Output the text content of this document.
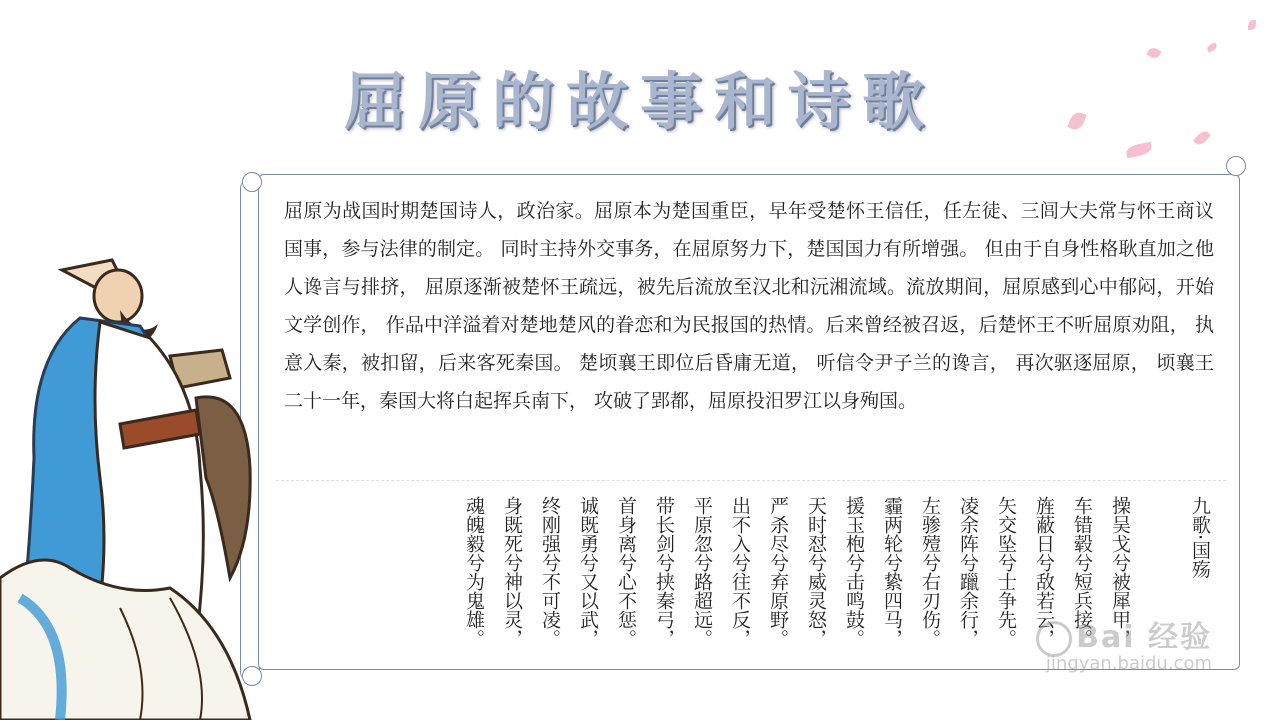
屈原的故事和诗歌
屈原为战国时期楚国诗人，政治家。屈原本为楚国重臣，早年受楚怀王信任，任左徒、三闾大夫常与怀王商议国事，参与法律的制定。 同时主持外交事务，在屈原努力下，楚国国力有所增强。 但由于自身性格耿直加之他人谗言与排挤， 屈原逐渐被楚怀王疏远，被先后流放至汉北和沅湘流域。流放期间，屈原感到心中郁闷，开始文学创作， 作品中洋溢着对楚地楚风的眷恋和为民报国的热情。后来曾经被召返，后楚怀王不听屈原劝阻， 执意入秦，被扣留，后来客死秦国。 楚顷襄王即位后昏庸无道， 听信令尹子兰的谗言， 再次驱逐屈原， 顷襄王二十一年，秦国大将白起挥兵南下， 攻破了郢都，屈原投汨罗江以身殉国。
九歌·国殇
操吴戈兮被犀甲，
车错毂兮短兵接。
旌蔽日兮敌若云，
矢交坠兮士争先。
凌余阵兮躐余行，
左骖殪兮右刃伤。
霾两轮兮絷四马，
援玉枹兮击鸣鼓。
天时怼兮威灵怒，
严杀尽兮弃原野。
出不入兮往不反，
平原忽兮路超远。
带长剑兮挟秦弓，
首身离兮心不惩。
诚既勇兮又以武，
终刚强兮不可凌。
身既死兮神以灵，
魂魄毅兮为鬼雄。	Bai 经验
jingyan.baidu.com
